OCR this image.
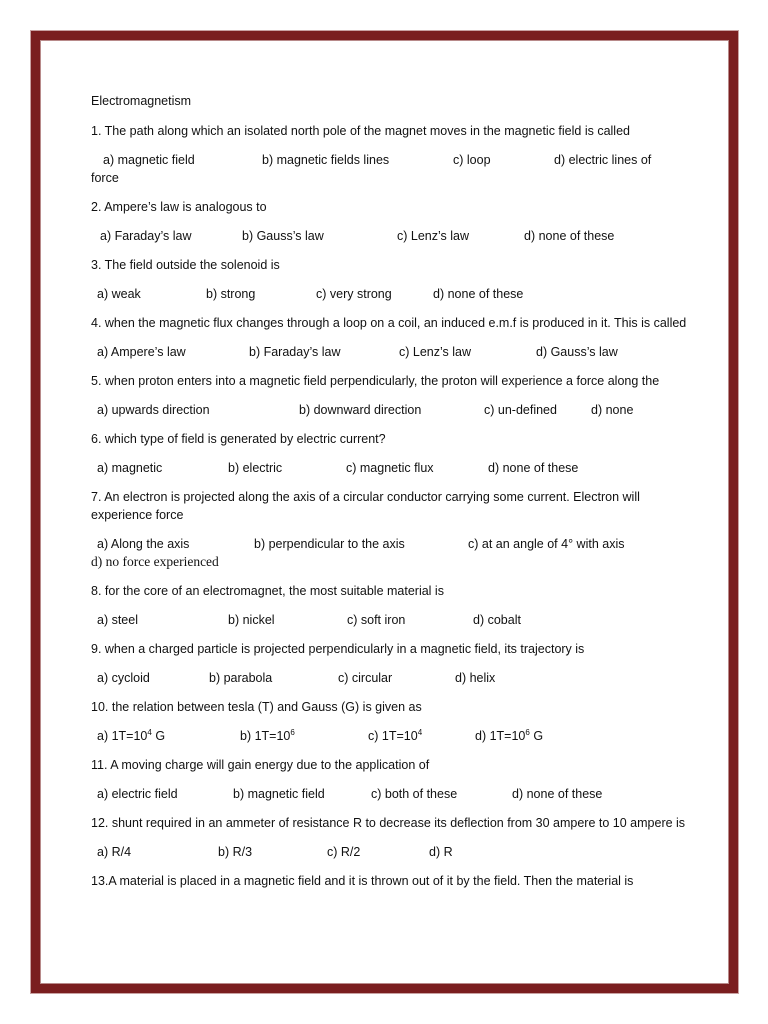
Electromagnetism
1. The path along which an isolated north pole of the magnet moves in the magnetic field is called
a) magnetic field	b) magnetic fields lines	c) loop	d) electric lines of
force
2. Ampere’s law is analogous to
a) Faraday’s law	b) Gauss’s law	c) Lenz’s law	d) none of these
3. The field outside the solenoid is
a) weak	b) strong	c) very strong	d) none of these
4. when the magnetic flux changes through a loop on a coil, an induced e.m.f is produced in it. This is called
a) Ampere’s law	b) Faraday’s law	c) Lenz’s law	d) Gauss’s law
5. when proton enters into a magnetic field perpendicularly, the proton will experience a force along the
a) upwards direction	b) downward direction	c) un-defined	d) none
6. which type of field is generated by electric current?
a) magnetic	b) electric	c) magnetic flux	d) none of these
7. An electron is projected along the axis of a circular conductor carrying some current. Electron will experience force
a) Along the axis	b) perpendicular to the axis	c) at an angle of 4° with axis
d) no force experienced
8. for the core of an electromagnet, the most suitable material is
a) steel	b) nickel	c) soft iron	d) cobalt
9. when a charged particle is projected perpendicularly in a magnetic field, its trajectory is
a) cycloid	b) parabola	c) circular	d) helix
10. the relation between tesla (T) and Gauss (G) is given as
a) $1T=10^4$ G	b) $1T=10^6$	c) $1T=10^4$	d) $1T=10^6$ G
11. A moving charge will gain energy due to the application of
a) electric field	b) magnetic field	c) both of these	d) none of these
12. shunt required in an ammeter of resistance R to decrease its deflection from 30 ampere to 10 ampere is
a) R/4	b) R/3	c) R/2	d) R
13.A material is placed in a magnetic field and it is thrown out of it by the field. Then the material is
